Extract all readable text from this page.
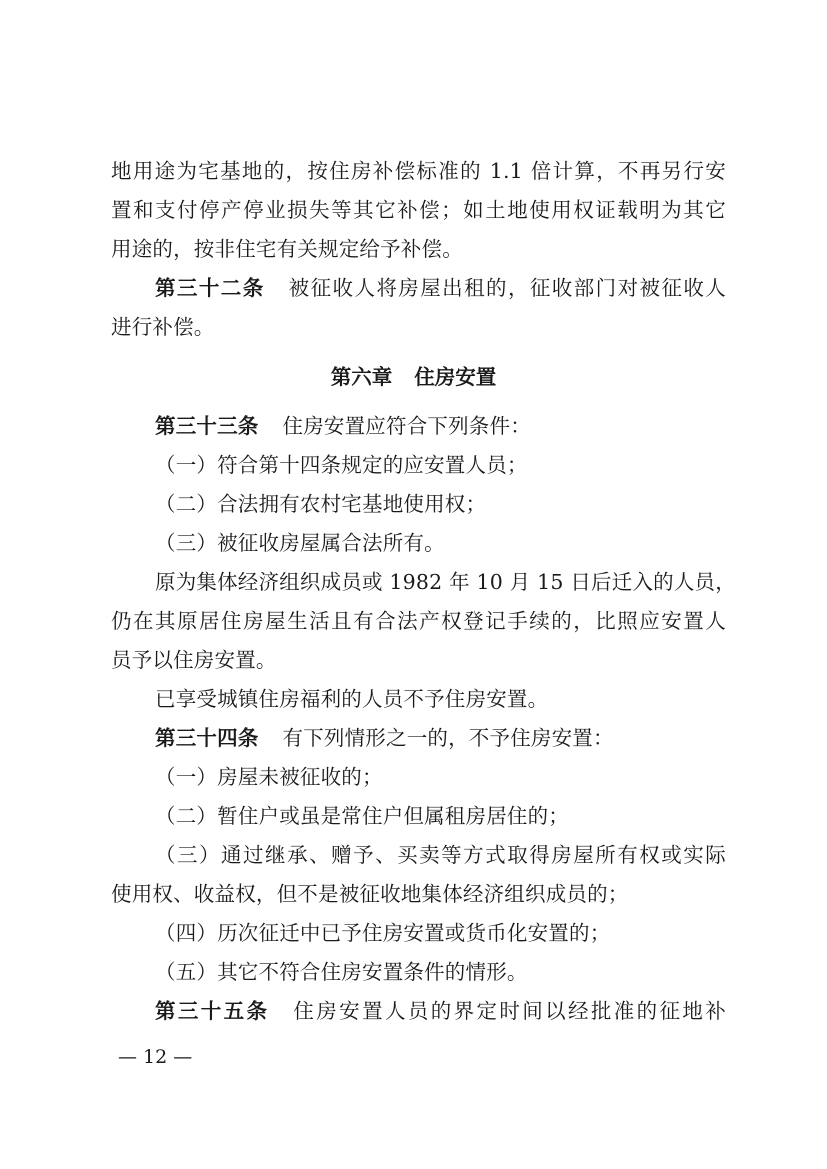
地用途为宅基地的，按住房补偿标准的 1.1 倍计算，不再另行安
置和支付停产停业损失等其它补偿；如土地使用权证载明为其它
用途的，按非住宅有关规定给予补偿。
第三十二条 被征收人将房屋出租的，征收部门对被征收人
进行补偿。
第六章 住房安置
第三十三条 住房安置应符合下列条件：
（一）符合第十四条规定的应安置人员；
（二）合法拥有农村宅基地使用权；
（三）被征收房屋属合法所有。
原为集体经济组织成员或 1982 年 10 月 15 日后迁入的人员，
仍在其原居住房屋生活且有合法产权登记手续的，比照应安置人
员予以住房安置。
已享受城镇住房福利的人员不予住房安置。
第三十四条 有下列情形之一的，不予住房安置：
（一）房屋未被征收的；
（二）暂住户或虽是常住户但属租房居住的；
（三）通过继承、赠予、买卖等方式取得房屋所有权或实际
使用权、收益权，但不是被征收地集体经济组织成员的；
（四）历次征迁中已予住房安置或货币化安置的；
（五）其它不符合住房安置条件的情形。
第三十五条 住房安置人员的界定时间以经批准的征地补
— 12 —
